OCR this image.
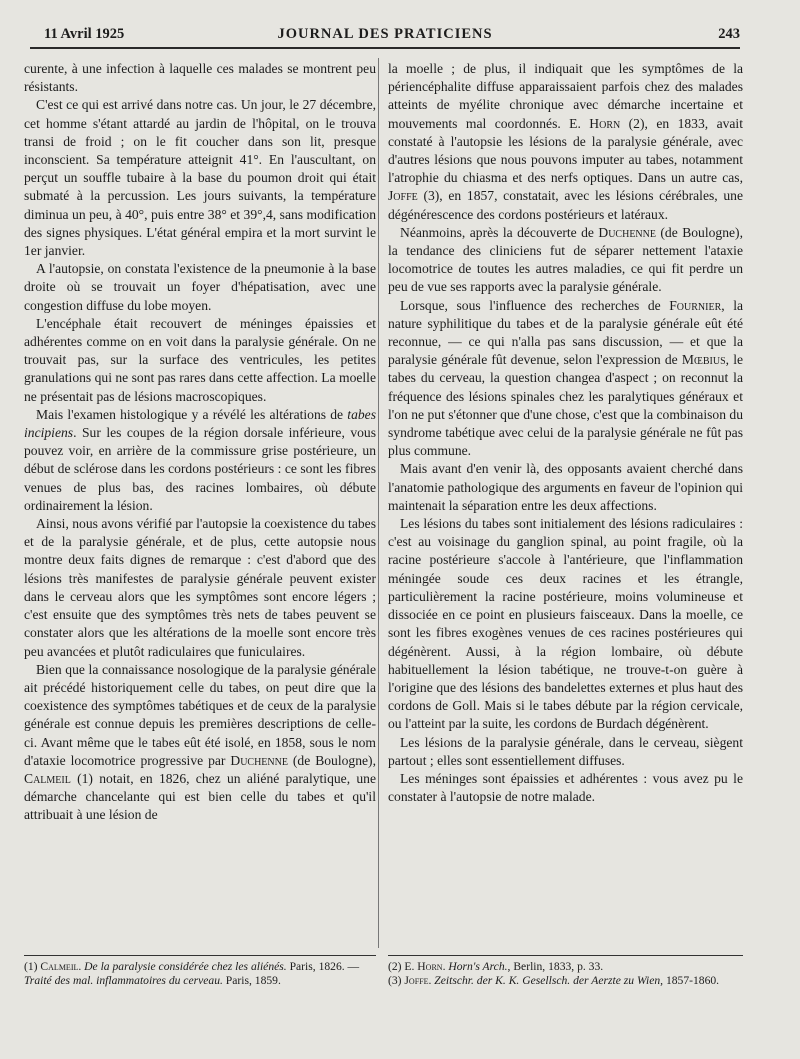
11 Avril 1925	JOURNAL DES PRATICIENS	243

curente, à une infection à laquelle ces malades se montrent peu résistants.

C'est ce qui est arrivé dans notre cas. Un jour, le 27 décembre, cet homme s'étant attardé au jardin de l'hôpital, on le trouva transi de froid ; on le fit coucher dans son lit, presque inconscient. Sa température atteignit 41°. En l'auscultant, on perçut un souffle tubaire à la base du poumon droit qui était submaté à la percussion. Les jours suivants, la température diminua un peu, à 40°, puis entre 38° et 39°,4, sans modification des signes physiques. L'état général empira et la mort survint le 1er janvier.

A l'autopsie, on constata l'existence de la pneumonie à la base droite où se trouvait un foyer d'hépatisation, avec une congestion diffuse du lobe moyen.

L'encéphale était recouvert de méninges épaissies et adhérentes comme on en voit dans la paralysie générale. On ne trouvait pas, sur la surface des ventricules, les petites granulations qui ne sont pas rares dans cette affection. La moelle ne présentait pas de lésions macroscopiques.

Mais l'examen histologique y a révélé les altérations de tabes incipiens. Sur les coupes de la région dorsale inférieure, vous pouvez voir, en arrière de la commissure grise postérieure, un début de sclérose dans les cordons postérieurs : ce sont les fibres venues de plus bas, des racines lombaires, où débute ordinairement la lésion.

Ainsi, nous avons vérifié par l'autopsie la coexistence du tabes et de la paralysie générale, et de plus, cette autopsie nous montre deux faits dignes de remarque : c'est d'abord que des lésions très manifestes de paralysie générale peuvent exister dans le cerveau alors que les symptômes sont encore légers ; c'est ensuite que des symptômes très nets de tabes peuvent se constater alors que les altérations de la moelle sont encore très peu avancées et plutôt radiculaires que funiculaires.

Bien que la connaissance nosologique de la paralysie générale ait précédé historiquement celle du tabes, on peut dire que la coexistence des symptômes tabétiques et de ceux de la paralysie générale est connue depuis les premières descriptions de celle-ci. Avant même que le tabes eût été isolé, en 1858, sous le nom d'ataxie locomotrice progressive par Duchenne (de Boulogne), Calmeil (1) notait, en 1826, chez un aliéné paralytique, une démarche chancelante qui est bien celle du tabes et qu'il attribuait à une lésion de

la moelle ; de plus, il indiquait que les symptômes de la périencéphalite diffuse apparaissaient parfois chez des malades atteints de myélite chronique avec démarche incertaine et mouvements mal coordonnés. E. Horn (2), en 1833, avait constaté à l'autopsie les lésions de la paralysie générale, avec d'autres lésions que nous pouvons imputer au tabes, notamment l'atrophie du chiasma et des nerfs optiques. Dans un autre cas, Joffe (3), en 1857, constatait, avec les lésions cérébrales, une dégénérescence des cordons postérieurs et latéraux.

Néanmoins, après la découverte de Duchenne (de Boulogne), la tendance des cliniciens fut de séparer nettement l'ataxie locomotrice de toutes les autres maladies, ce qui fit perdre un peu de vue ses rapports avec la paralysie générale.

Lorsque, sous l'influence des recherches de Fournier, la nature syphilitique du tabes et de la paralysie générale eût été reconnue, — ce qui n'alla pas sans discussion, — et que la paralysie générale fût devenue, selon l'expression de Mœbius, le tabes du cerveau, la question changea d'aspect ; on reconnut la fréquence des lésions spinales chez les paralytiques généraux et l'on ne put s'étonner que d'une chose, c'est que la combinaison du syndrome tabétique avec celui de la paralysie générale ne fût pas plus commune.

Mais avant d'en venir là, des opposants avaient cherché dans l'anatomie pathologique des arguments en faveur de l'opinion qui maintenait la séparation entre les deux affections.

Les lésions du tabes sont initialement des lésions radiculaires : c'est au voisinage du ganglion spinal, au point fragile, où la racine postérieure s'accole à l'antérieure, que l'inflammation méningée soude ces deux racines et les étrangle, particulièrement la racine postérieure, moins volumineuse et dissociée en ce point en plusieurs faisceaux. Dans la moelle, ce sont les fibres exogènes venues de ces racines postérieures qui dégénèrent. Aussi, à la région lombaire, où débute habituellement la lésion tabétique, ne trouve-t-on guère à l'origine que des lésions des bandelettes externes et plus haut des cordons de Goll. Mais si le tabes débute par la région cervicale, ou l'atteint par la suite, les cordons de Burdach dégénèrent.

Les lésions de la paralysie générale, dans le cerveau, siègent partout ; elles sont essentiellement diffuses.

Les méninges sont épaissies et adhérentes : vous avez pu le constater à l'autopsie de notre malade.

(1) Calmeil. De la paralysie considérée chez les aliénés. Paris, 1826. — Traité des mal. inflammatoires du cerveau. Paris, 1859.
(2) E. Horn. Horn's Arch., Berlin, 1833, p. 33.
(3) Joffe. Zeitschr. der K. K. Gesellsch. der Aerzte zu Wien, 1857-1860.
